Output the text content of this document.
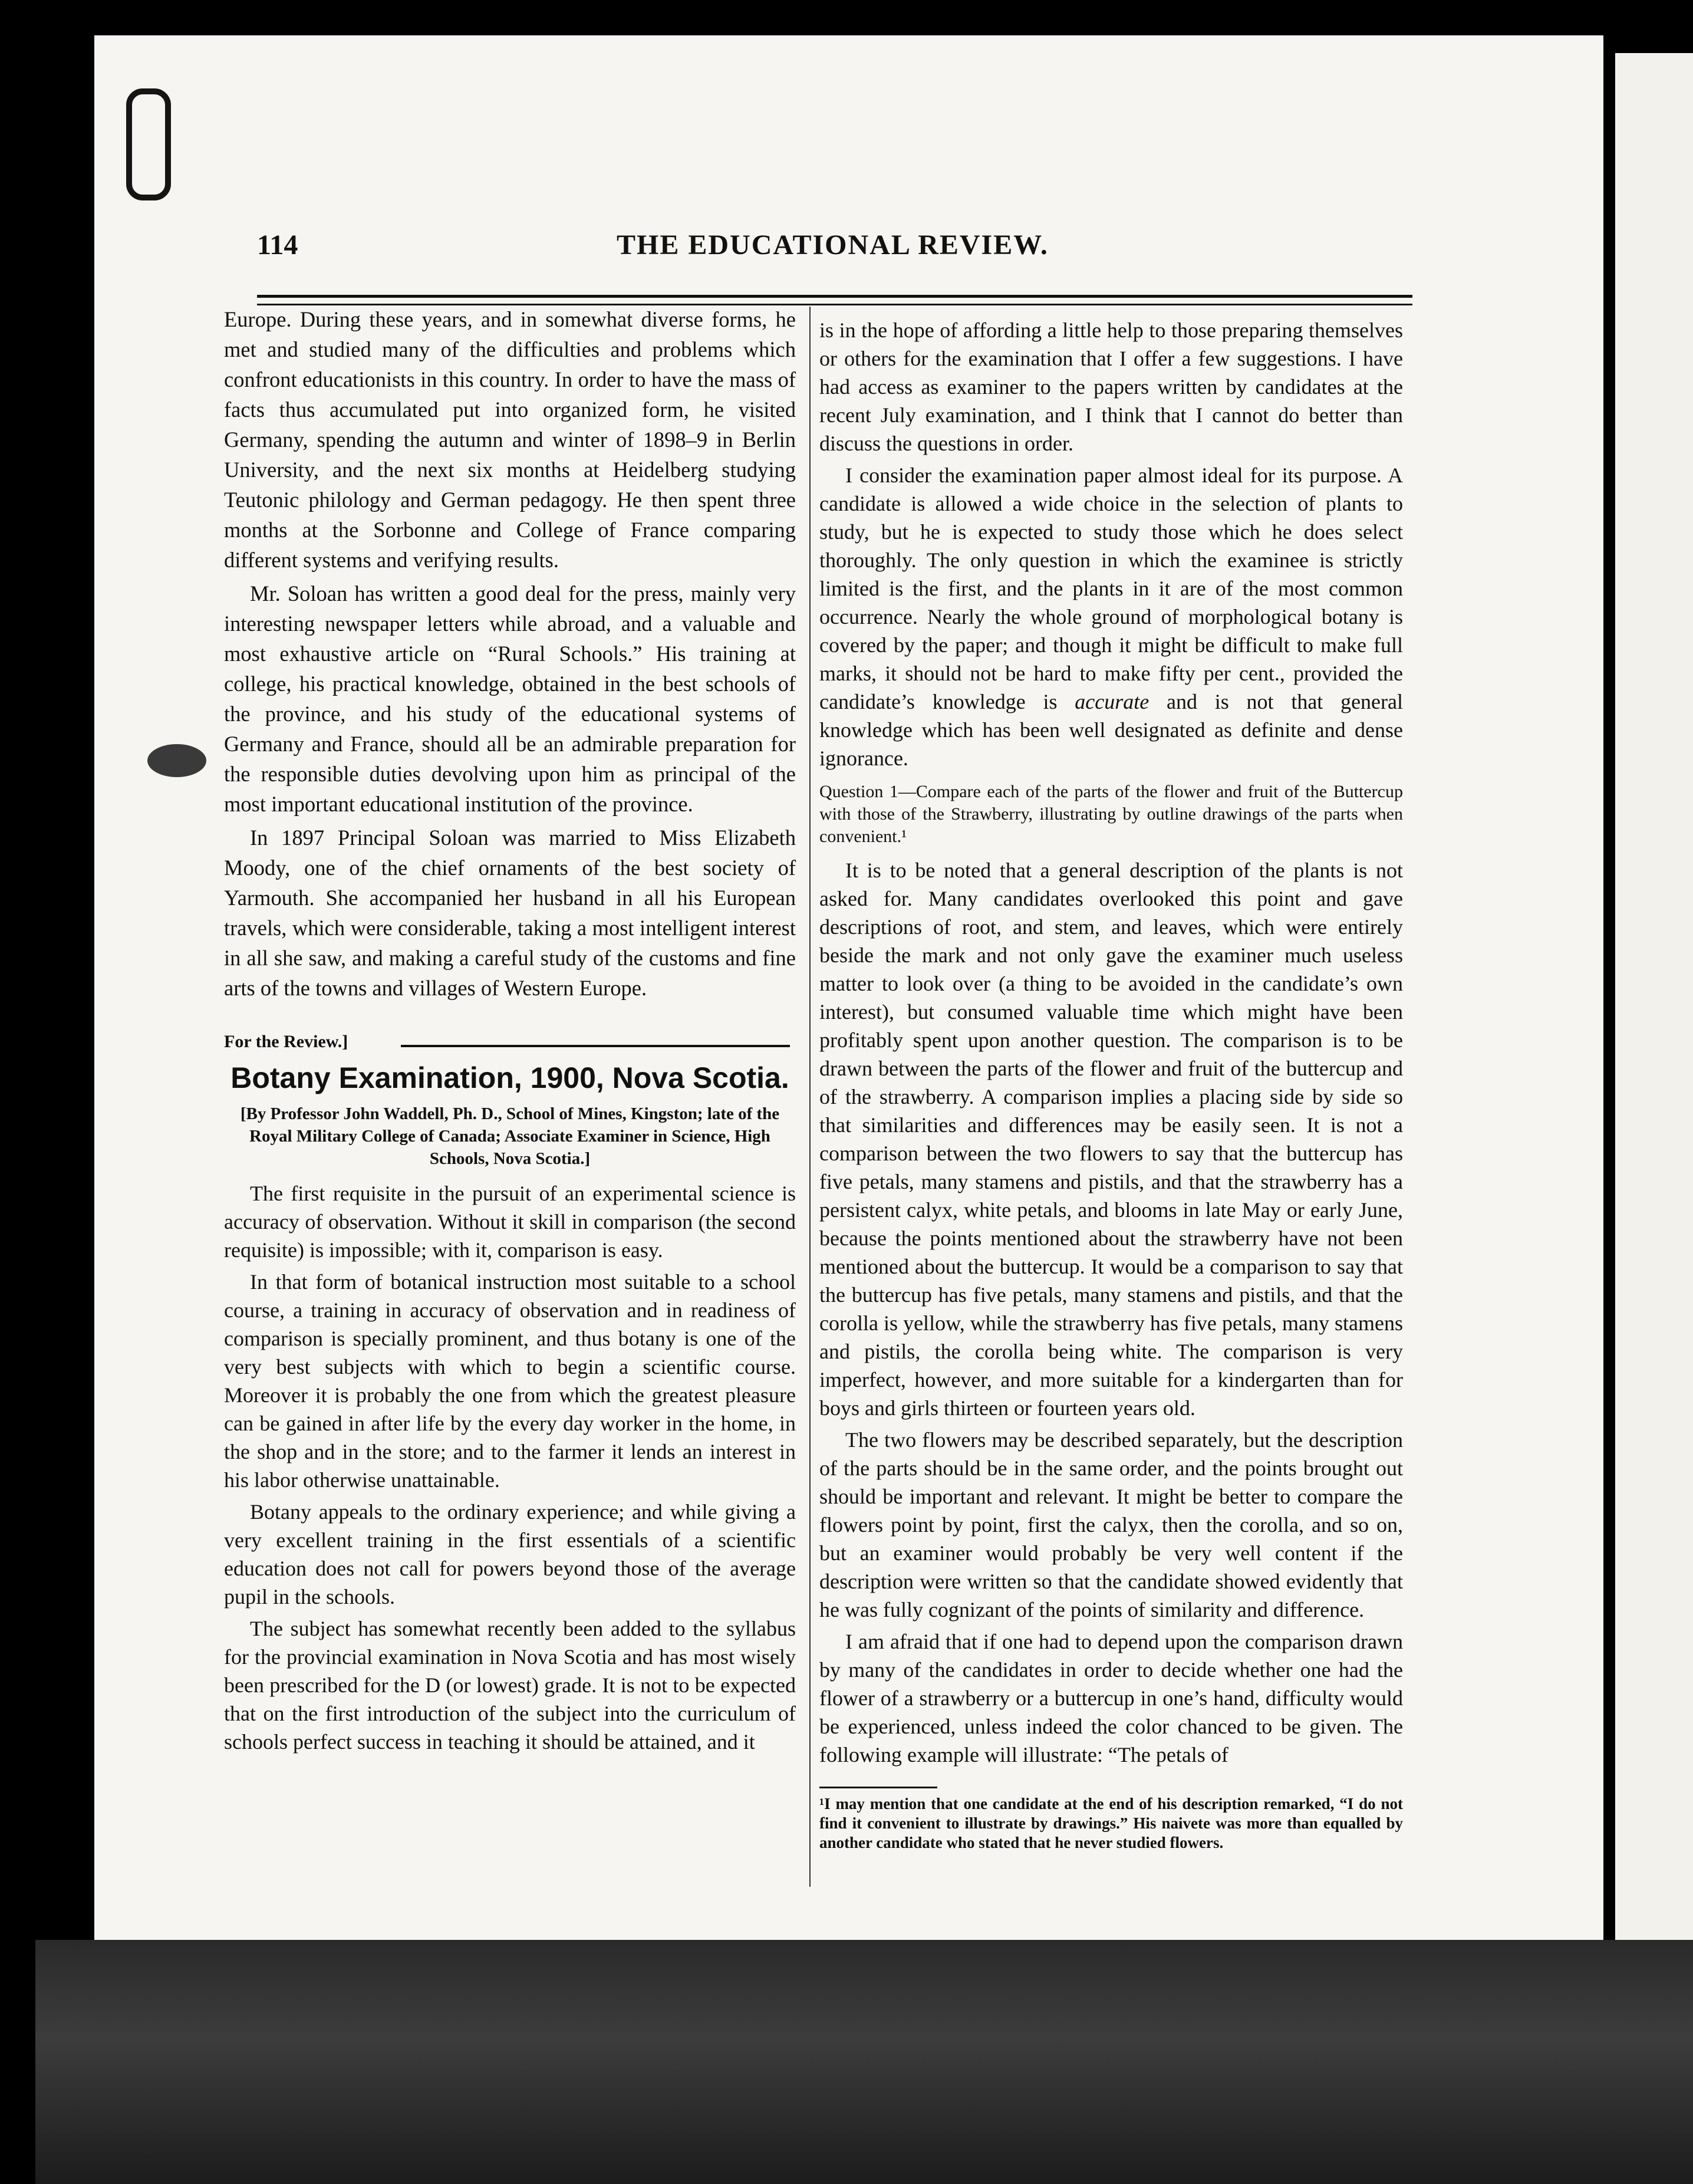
114	THE EDUCATIONAL REVIEW.

Europe. During these years, and in somewhat diverse forms, he met and studied many of the difficulties and problems which confront educationists in this country. In order to have the mass of facts thus accumulated put into organized form, he visited Germany, spending the autumn and winter of 1898–9 in Berlin University, and the next six months at Heidelberg studying Teutonic philology and German pedagogy. He then spent three months at the Sorbonne and College of France comparing different systems and verifying results.

Mr. Soloan has written a good deal for the press, mainly very interesting newspaper letters while abroad, and a valuable and most exhaustive article on “Rural Schools.” His training at college, his practical knowledge, obtained in the best schools of the province, and his study of the educational systems of Germany and France, should all be an admirable preparation for the responsible duties devolving upon him as principal of the most important educational institution of the province.

In 1897 Principal Soloan was married to Miss Elizabeth Moody, one of the chief ornaments of the best society of Yarmouth. She accompanied her husband in all his European travels, which were considerable, taking a most intelligent interest in all she saw, and making a careful study of the customs and fine arts of the towns and villages of Western Europe.

For the Review.]
Botany Examination, 1900, Nova Scotia.
[By Professor John Waddell, Ph. D., School of Mines, Kingston; late of the Royal Military College of Canada; Associate Examiner in Science, High Schools, Nova Scotia.]

The first requisite in the pursuit of an experimental science is accuracy of observation. Without it skill in comparison (the second requisite) is impossible; with it, comparison is easy.

In that form of botanical instruction most suitable to a school course, a training in accuracy of observation and in readiness of comparison is specially prominent, and thus botany is one of the very best subjects with which to begin a scientific course. Moreover it is probably the one from which the greatest pleasure can be gained in after life by the every day worker in the home, in the shop and in the store; and to the farmer it lends an interest in his labor otherwise unattainable.

Botany appeals to the ordinary experience; and while giving a very excellent training in the first essentials of a scientific education does not call for powers beyond those of the average pupil in the schools.

The subject has somewhat recently been added to the syllabus for the provincial examination in Nova Scotia and has most wisely been prescribed for the D (or lowest) grade. It is not to be expected that on the first introduction of the subject into the curriculum of schools perfect success in teaching it should be attained, and it

is in the hope of affording a little help to those preparing themselves or others for the examination that I offer a few suggestions. I have had access as examiner to the papers written by candidates at the recent July examination, and I think that I cannot do better than discuss the questions in order.

I consider the examination paper almost ideal for its purpose. A candidate is allowed a wide choice in the selection of plants to study, but he is expected to study those which he does select thoroughly. The only question in which the examinee is strictly limited is the first, and the plants in it are of the most common occurrence. Nearly the whole ground of morphological botany is covered by the paper; and though it might be difficult to make full marks, it should not be hard to make fifty per cent., provided the candidate’s knowledge is accurate and is not that general knowledge which has been well designated as definite and dense ignorance.

Question 1—Compare each of the parts of the flower and fruit of the Buttercup with those of the Strawberry, illustrating by outline drawings of the parts when convenient.¹

It is to be noted that a general description of the plants is not asked for. Many candidates overlooked this point and gave descriptions of root, and stem, and leaves, which were entirely beside the mark and not only gave the examiner much useless matter to look over (a thing to be avoided in the candidate’s own interest), but consumed valuable time which might have been profitably spent upon another question. The comparison is to be drawn between the parts of the flower and fruit of the buttercup and of the strawberry. A comparison implies a placing side by side so that similarities and differences may be easily seen. It is not a comparison between the two flowers to say that the buttercup has five petals, many stamens and pistils, and that the strawberry has a persistent calyx, white petals, and blooms in late May or early June, because the points mentioned about the strawberry have not been mentioned about the buttercup. It would be a comparison to say that the buttercup has five petals, many stamens and pistils, and that the corolla is yellow, while the strawberry has five petals, many stamens and pistils, the corolla being white. The comparison is very imperfect, however, and more suitable for a kindergarten than for boys and girls thirteen or fourteen years old.

The two flowers may be described separately, but the description of the parts should be in the same order, and the points brought out should be important and relevant. It might be better to compare the flowers point by point, first the calyx, then the corolla, and so on, but an examiner would probably be very well content if the description were written so that the candidate showed evidently that he was fully cognizant of the points of similarity and difference.

I am afraid that if one had to depend upon the comparison drawn by many of the candidates in order to decide whether one had the flower of a strawberry or a buttercup in one’s hand, difficulty would be experienced, unless indeed the color chanced to be given. The following example will illustrate: “The petals of

¹I may mention that one candidate at the end of his description remarked, “I do not find it convenient to illustrate by drawings.” His naivete was more than equalled by another candidate who stated that he never studied flowers.
